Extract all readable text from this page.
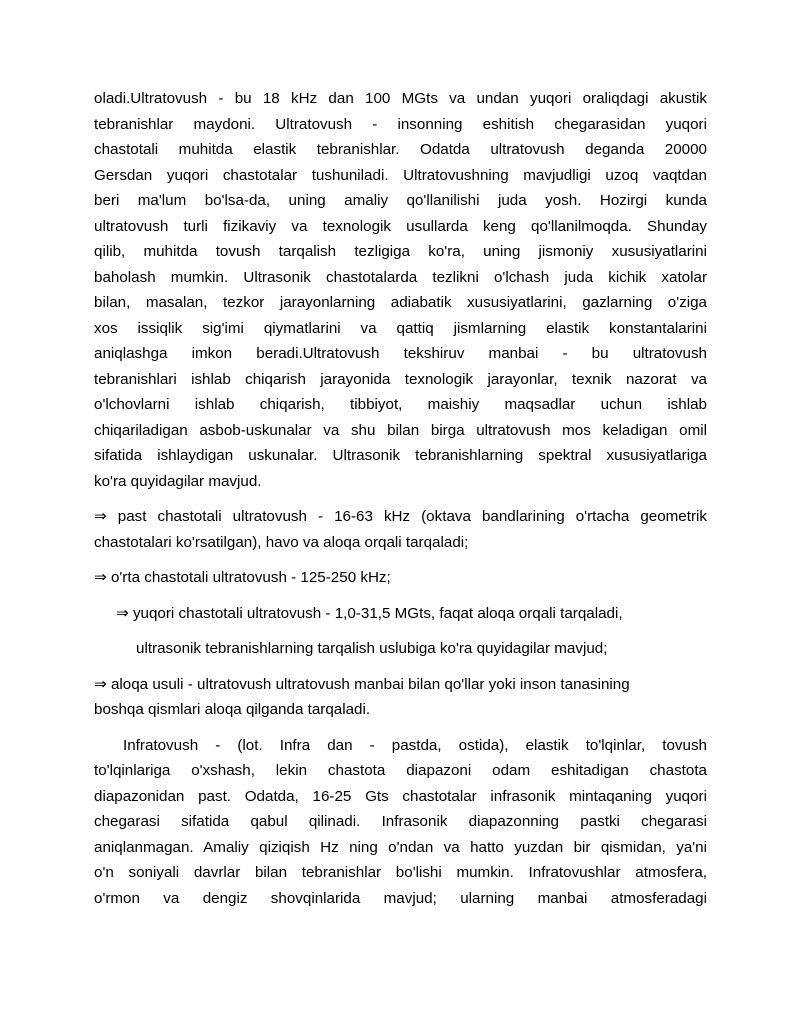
oladi.Ultratovush - bu 18 kHz dan 100 MGts va undan yuqori oraliqdagi akustik

tebranishlar maydoni. Ultratovush - insonning eshitish chegarasidan yuqori

chastotali muhitda elastik tebranishlar. Odatda ultratovush deganda 20000

Gersdan yuqori chastotalar tushuniladi. Ultratovushning mavjudligi uzoq vaqtdan

beri ma'lum bo'lsa-da, uning amaliy qo'llanilishi juda yosh. Hozirgi kunda

ultratovush turli fizikaviy va texnologik usullarda keng qo'llanilmoqda. Shunday

qilib, muhitda tovush tarqalish tezligiga ko'ra, uning jismoniy xususiyatlarini

baholash mumkin. Ultrasonik chastotalarda tezlikni o'lchash juda kichik xatolar

bilan, masalan, tezkor jarayonlarning adiabatik xususiyatlarini, gazlarning o'ziga

xos issiqlik sig'imi qiymatlarini va qattiq jismlarning elastik konstantalarini

aniqlashga imkon beradi.Ultratovush tekshiruv manbai - bu ultratovush

tebranishlari ishlab chiqarish jarayonida texnologik jarayonlar, texnik nazorat va

o'lchovlarni ishlab chiqarish, tibbiyot, maishiy maqsadlar uchun ishlab

chiqariladigan asbob-uskunalar va shu bilan birga ultratovush mos keladigan omil

sifatida ishlaydigan uskunalar. Ultrasonik tebranishlarning spektral xususiyatlariga

ko'ra quyidagilar mavjud.

⇒ past chastotali ultratovush - 16-63 kHz (oktava bandlarining o'rtacha geometrik

chastotalari ko'rsatilgan), havo va aloqa orqali tarqaladi;

⇒ o'rta chastotali ultratovush - 125-250 kHz;

⇒ yuqori chastotali ultratovush - 1,0-31,5 MGts, faqat aloqa orqali tarqaladi,

ultrasonik tebranishlarning tarqalish uslubiga ko'ra quyidagilar mavjud;

⇒ aloqa usuli - ultratovush ultratovush manbai bilan qo'llar yoki inson tanasining

boshqa qismlari aloqa qilganda tarqaladi.

Infratovush - (lot. Infra dan - pastda, ostida), elastik to'lqinlar, tovush

to'lqinlariga o'xshash, lekin chastota diapazoni odam eshitadigan chastota

diapazonidan past. Odatda, 16-25 Gts chastotalar infrasonik mintaqaning yuqori

chegarasi sifatida qabul qilinadi. Infrasonik diapazonning pastki chegarasi

aniqlanmagan. Amaliy qiziqish Hz ning o'ndan va hatto yuzdan bir qismidan, ya'ni

o'n soniyali davrlar bilan tebranishlar bo'lishi mumkin. Infratovushlar atmosfera,

o'rmon va dengiz shovqinlarida mavjud; ularning manbai atmosferadagi
